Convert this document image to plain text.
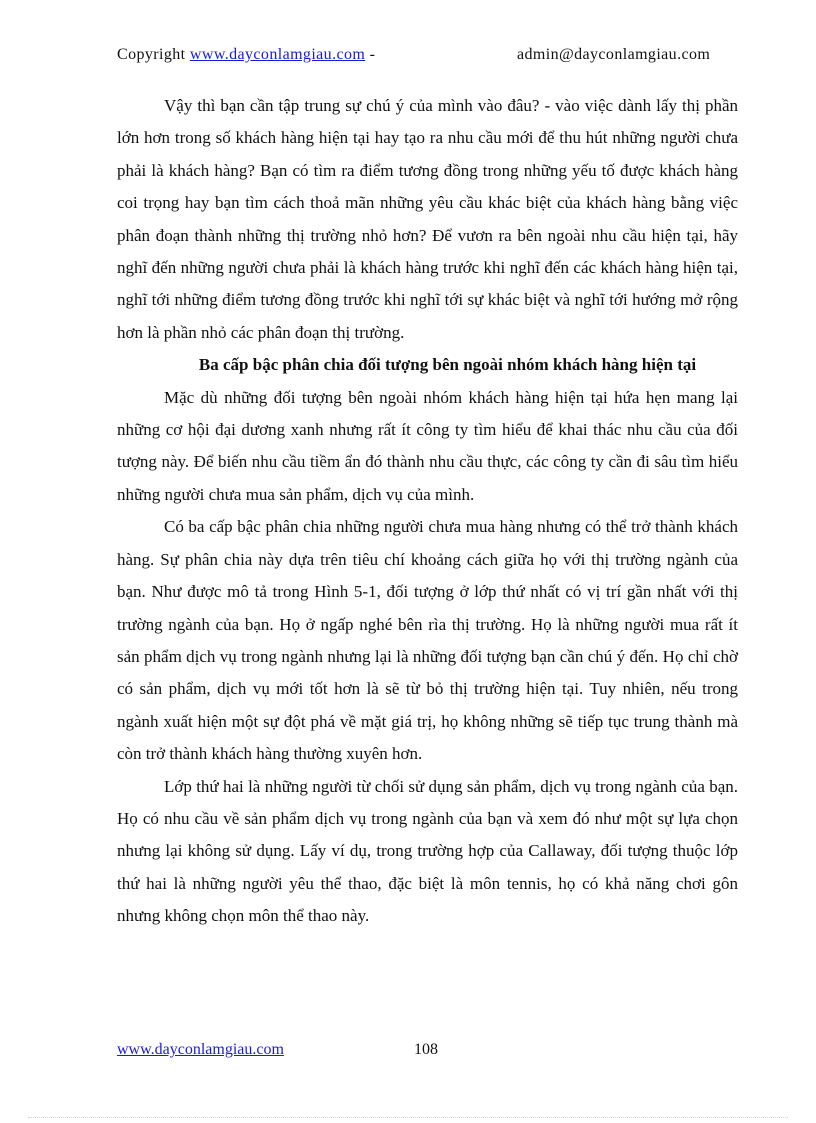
Copyright www.dayconlamgiau.com -	admin@dayconlamgiau.com

Vậy thì bạn cần tập trung sự chú ý của mình vào đâu? - vào việc dành lấy thị phần lớn hơn trong số khách hàng hiện tại hay tạo ra nhu cầu mới để thu hút những người chưa phải là khách hàng? Bạn có tìm ra điểm tương đồng trong những yếu tố được khách hàng coi trọng hay bạn tìm cách thoả mãn những yêu cầu khác biệt của khách hàng bằng việc phân đoạn thành những thị trường nhỏ hơn? Để vươn ra bên ngoài nhu cầu hiện tại, hãy nghĩ đến những người chưa phải là khách hàng trước khi nghĩ đến các khách hàng hiện tại, nghĩ tới những điểm tương đồng trước khi nghĩ tới sự khác biệt và nghĩ tới hướng mở rộng hơn là phần nhỏ các phân đoạn thị trường.

Ba cấp bậc phân chia đối tượng bên ngoài nhóm khách hàng hiện tại

Mặc dù những đối tượng bên ngoài nhóm khách hàng hiện tại hứa hẹn mang lại những cơ hội đại dương xanh nhưng rất ít công ty tìm hiểu để khai thác nhu cầu của đối tượng này. Để biến nhu cầu tiềm ẩn đó thành nhu cầu thực, các công ty cần đi sâu tìm hiểu những người chưa mua sản phẩm, dịch vụ của mình.

Có ba cấp bậc phân chia những người chưa mua hàng nhưng có thể trở thành khách hàng. Sự phân chia này dựa trên tiêu chí khoảng cách giữa họ với thị trường ngành của bạn. Như được mô tả trong Hình 5-1, đối tượng ở lớp thứ nhất có vị trí gần nhất với thị trường ngành của bạn. Họ ở ngấp nghé bên rìa thị trường. Họ là những người mua rất ít sản phẩm dịch vụ trong ngành nhưng lại là những đối tượng bạn cần chú ý đến. Họ chỉ chờ có sản phẩm, dịch vụ mới tốt hơn là sẽ từ bỏ thị trường hiện tại. Tuy nhiên, nếu trong ngành xuất hiện một sự đột phá về mặt giá trị, họ không những sẽ tiếp tục trung thành mà còn trở thành khách hàng thường xuyên hơn.

Lớp thứ hai là những người từ chối sử dụng sản phẩm, dịch vụ trong ngành của bạn. Họ có nhu cầu về sản phẩm dịch vụ trong ngành của bạn và xem đó như một sự lựa chọn nhưng lại không sử dụng. Lấy ví dụ, trong trường hợp của Callaway, đối tượng thuộc lớp thứ hai là những người yêu thể thao, đặc biệt là môn tennis, họ có khả năng chơi gôn nhưng không chọn môn thể thao này.

www.dayconlamgiau.com	108
